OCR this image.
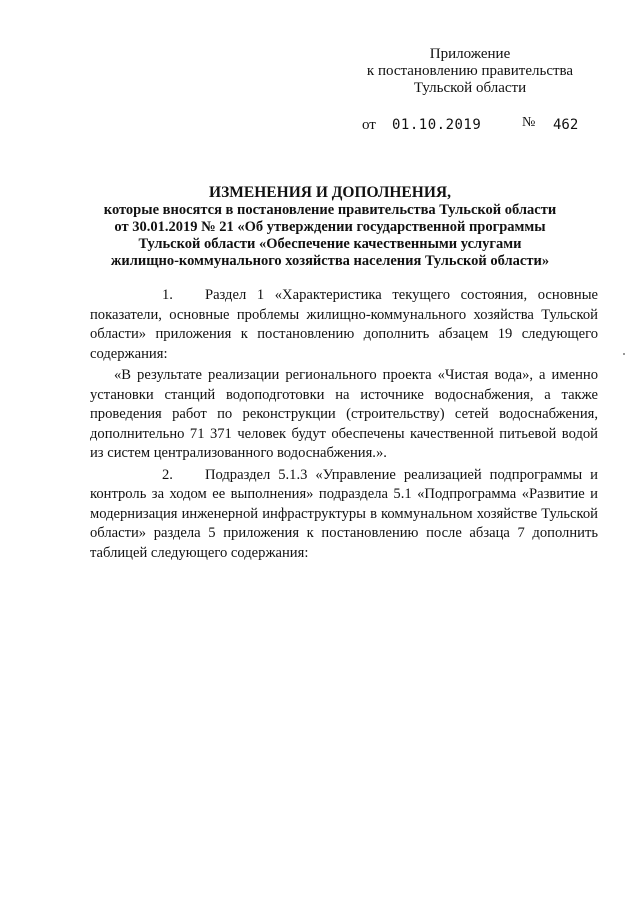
Приложение
к постановлению правительства
Тульской области
от 01.10.2019	№ 462
ИЗМЕНЕНИЯ И ДОПОЛНЕНИЯ,
которые вносятся в постановление правительства Тульской области
от 30.01.2019 № 21 «Об утверждении государственной программы
Тульской области «Обеспечение качественными услугами
жилищно-коммунального хозяйства населения Тульской области»

1. Раздел 1 «Характеристика текущего состояния, основные показатели, основные проблемы жилищно-коммунального хозяйства Тульской области» приложения к постановлению дополнить абзацем 19 следующего содержания:

«В результате реализации регионального проекта «Чистая вода», а именно установки станций водоподготовки на источнике водоснабжения, а также проведения работ по реконструкции (строительству) сетей водоснабжения, дополнительно 71 371 человек будут обеспечены качественной питьевой водой из систем централизованного водоснабжения.».

2. Подраздел 5.1.3 «Управление реализацией подпрограммы и контроль за ходом ее выполнения» подраздела 5.1 «Подпрограмма «Развитие и модернизация инженерной инфраструктуры в коммунальном хозяйстве Тульской области» раздела 5 приложения к постановлению после абзаца 7 дополнить таблицей следующего содержания:
